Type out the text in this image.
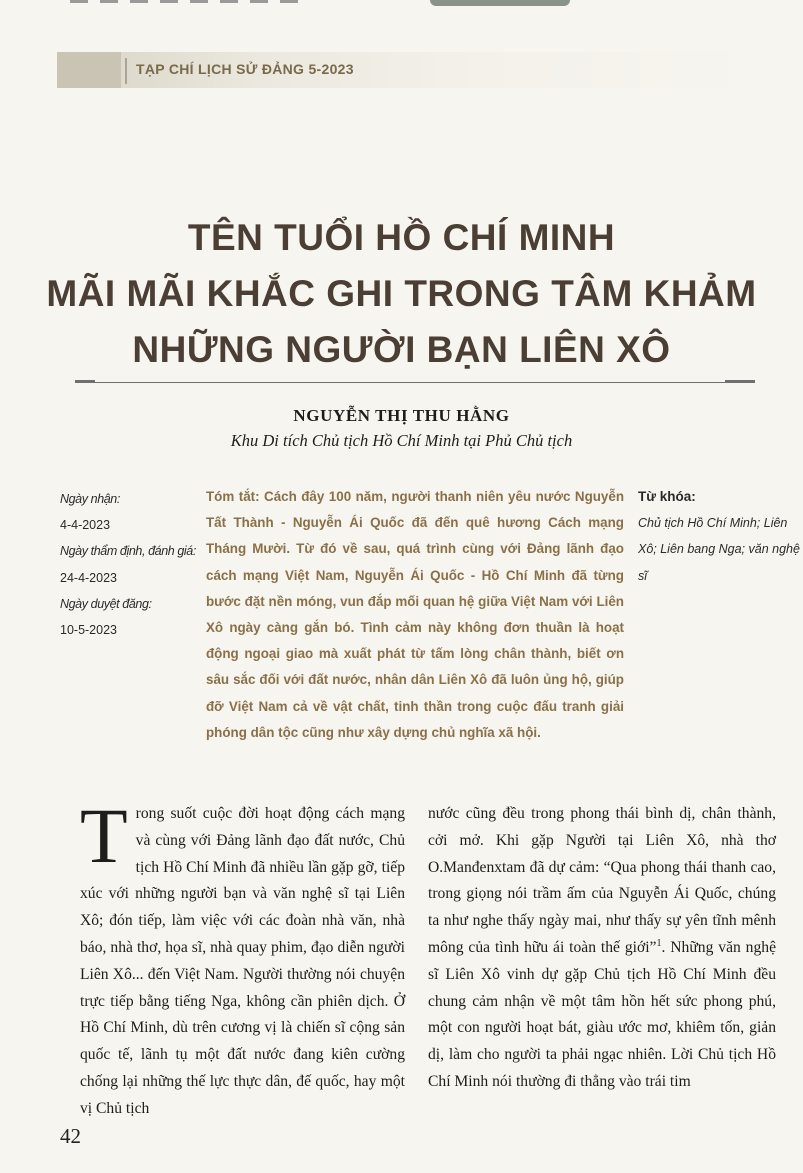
TẠP CHÍ LỊCH SỬ ĐẢNG 5-2023
TÊN TUỔI HỒ CHÍ MINH
MÃI MÃI KHẮC GHI TRONG TÂM KHẢM
NHỮNG NGƯỜI BẠN LIÊN XÔ
NGUYỄN THỊ THU HẰNG
Khu Di tích Chủ tịch Hồ Chí Minh tại Phủ Chủ tịch
Ngày nhận:
4-4-2023
Ngày thẩm định, đánh giá:
24-4-2023
Ngày duyệt đăng:
10-5-2023
Tóm tắt: Cách đây 100 năm, người thanh niên yêu nước Nguyễn Tất Thành - Nguyễn Ái Quốc đã đến quê hương Cách mạng Tháng Mười. Từ đó về sau, quá trình cùng với Đảng lãnh đạo cách mạng Việt Nam, Nguyễn Ái Quốc - Hồ Chí Minh đã từng bước đặt nền móng, vun đắp mối quan hệ giữa Việt Nam với Liên Xô ngày càng gắn bó. Tình cảm này không đơn thuần là hoạt động ngoại giao mà xuất phát từ tấm lòng chân thành, biết ơn sâu sắc đối với đất nước, nhân dân Liên Xô đã luôn ủng hộ, giúp đỡ Việt Nam cả về vật chất, tinh thần trong cuộc đấu tranh giải phóng dân tộc cũng như xây dựng chủ nghĩa xã hội.
Từ khóa:
Chủ tịch Hồ Chí Minh; Liên Xô; Liên bang Nga; văn nghệ sĩ
Trong suốt cuộc đời hoạt động cách mạng và cùng với Đảng lãnh đạo đất nước, Chủ tịch Hồ Chí Minh đã nhiều lần gặp gỡ, tiếp xúc với những người bạn và văn nghệ sĩ tại Liên Xô; đón tiếp, làm việc với các đoàn nhà văn, nhà báo, nhà thơ, họa sĩ, nhà quay phim, đạo diễn người Liên Xô... đến Việt Nam. Người thường nói chuyện trực tiếp bằng tiếng Nga, không cần phiên dịch. Ở Hồ Chí Minh, dù trên cương vị là chiến sĩ cộng sản quốc tế, lãnh tụ một đất nước đang kiên cường chống lại những thế lực thực dân, đế quốc, hay một vị Chủ tịch
nước cũng đều trong phong thái bình dị, chân thành, cởi mở. Khi gặp Người tại Liên Xô, nhà thơ O.Manđenxtam đã dự cảm: “Qua phong thái thanh cao, trong giọng nói trầm ấm của Nguyễn Ái Quốc, chúng ta như nghe thấy ngày mai, như thấy sự yên tĩnh mênh mông của tình hữu ái toàn thế giới”$^1$. Những văn nghệ sĩ Liên Xô vinh dự gặp Chủ tịch Hồ Chí Minh đều chung cảm nhận về một tâm hồn hết sức phong phú, một con người hoạt bát, giàu ước mơ, khiêm tốn, giản dị, làm cho người ta phải ngạc nhiên. Lời Chủ tịch Hồ Chí Minh nói thường đi thẳng vào trái tim
42
